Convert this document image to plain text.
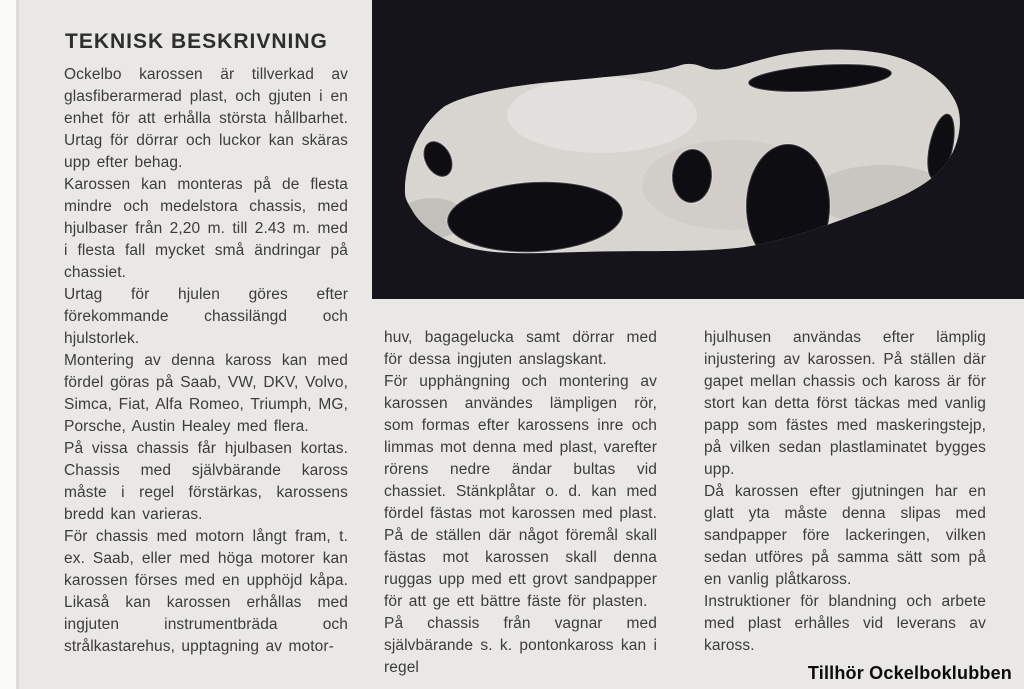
TEKNISK BESKRIVNING

Ockelbo karossen är tillverkad av glasfiberarmerad plast, och gjuten i en enhet för att erhålla största hållbarhet. Urtag för dörrar och luckor kan skäras upp efter behag.

Karossen kan monteras på de flesta mindre och medelstora chassis, med hjulbaser från 2,20 m. till 2.43 m. med i flesta fall mycket små ändringar på chassiet.

Urtag för hjulen göres efter förekommande chassilängd och hjulstorlek.

Montering av denna kaross kan med fördel göras på Saab, VW, DKV, Volvo, Simca, Fiat, Alfa Romeo, Triumph, MG, Porsche, Austin Healey med flera.

På vissa chassis får hjulbasen kortas. Chassis med självbärande kaross måste i regel förstärkas, karossens bredd kan varieras.

För chassis med motorn långt fram, t. ex. Saab, eller med höga motorer kan karossen förses med en upphöjd kåpa. Likaså kan karossen erhållas med ingjuten instrumentbräda och strålkastarehus, upptagning av motor-

huv, bagagelucka samt dörrar med för dessa ingjuten anslagskant.

För upphängning och montering av karossen användes lämpligen rör, som formas efter karossens inre och limmas mot denna med plast, varefter rörens nedre ändar bultas vid chassiet. Stänkplåtar o. d. kan med fördel fästas mot karossen med plast. På de ställen där något föremål skall fästas mot karossen skall denna ruggas upp med ett grovt sandpapper för att ge ett bättre fäste för plasten.

På chassis från vagnar med självbärande s. k. pontonkaross kan i regel

hjulhusen användas efter lämplig injustering av karossen. På ställen där gapet mellan chassis och kaross är för stort kan detta först täckas med vanlig papp som fästes med maskeringstejp, på vilken sedan plastlaminatet bygges upp.

Då karossen efter gjutningen har en glatt yta måste denna slipas med sandpapper före lackeringen, vilken sedan utföres på samma sätt som på en vanlig plåtkaross.

Instruktioner för blandning och arbete med plast erhålles vid leverans av kaross.

Tillhör Ockelboklubben
